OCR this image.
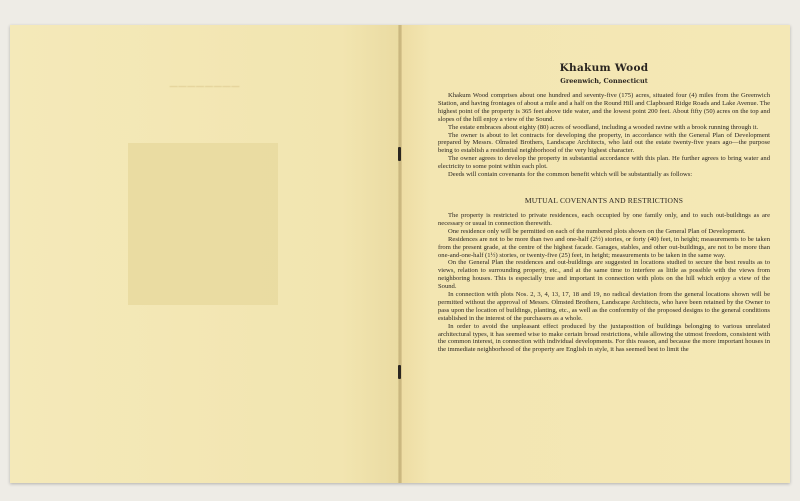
────────

Khakum Wood

Greenwich, Connecticut

Khakum Wood comprises about one hundred and seventy-five (175) acres, situated four (4) miles from the Greenwich Station, and having frontages of about a mile and a half on the Round Hill and Clapboard Ridge Roads and Lake Avenue. The highest point of the property is 365 feet above tide water, and the lowest point 200 feet. About fifty (50) acres on the top and slopes of the hill enjoy a view of the Sound.

The estate embraces about eighty (80) acres of woodland, including a wooded ravine with a brook running through it.

The owner is about to let contracts for developing the property, in accordance with the General Plan of Development prepared by Messrs. Olmsted Brothers, Landscape Architects, who laid out the estate twenty-five years ago—the purpose being to establish a residential neighborhood of the very highest character.

The owner agrees to develop the property in substantial accordance with this plan. He further agrees to bring water and electricity to some point within each plot.

Deeds will contain covenants for the common benefit which will be substantially as follows:

MUTUAL COVENANTS AND RESTRICTIONS

The property is restricted to private residences, each occupied by one family only, and to such out-buildings as are necessary or usual in connection therewith.

One residence only will be permitted on each of the numbered plots shown on the General Plan of Development.

Residences are not to be more than two and one-half (2½) stories, or forty (40) feet, in height; measurements to be taken from the present grade, at the centre of the highest facade. Garages, stables, and other out-buildings, are not to be more than one-and-one-half (1½) stories, or twenty-five (25) feet, in height; measurements to be taken in the same way.

On the General Plan the residences and out-buildings are suggested in locations studied to secure the best results as to views, relation to surrounding property, etc., and at the same time to interfere as little as possible with the views from neighboring houses. This is especially true and important in connection with plots on the hill which enjoy a view of the Sound.

In connection with plots Nos. 2, 3, 4, 13, 17, 18 and 19, no radical deviation from the general locations shown will be permitted without the approval of Messrs. Olmsted Brothers, Landscape Architects, who have been retained by the Owner to pass upon the location of buildings, planting, etc., as well as the conformity of the proposed designs to the general conditions established in the interest of the purchasers as a whole.

In order to avoid the unpleasant effect produced by the juxtaposition of buildings belonging to various unrelated architectural types, it has seemed wise to make certain broad restrictions, while allowing the utmost freedom, consistent with the common interest, in connection with individual developments. For this reason, and because the more important houses in the immediate neighborhood of the property are English in style, it has seemed best to limit the
